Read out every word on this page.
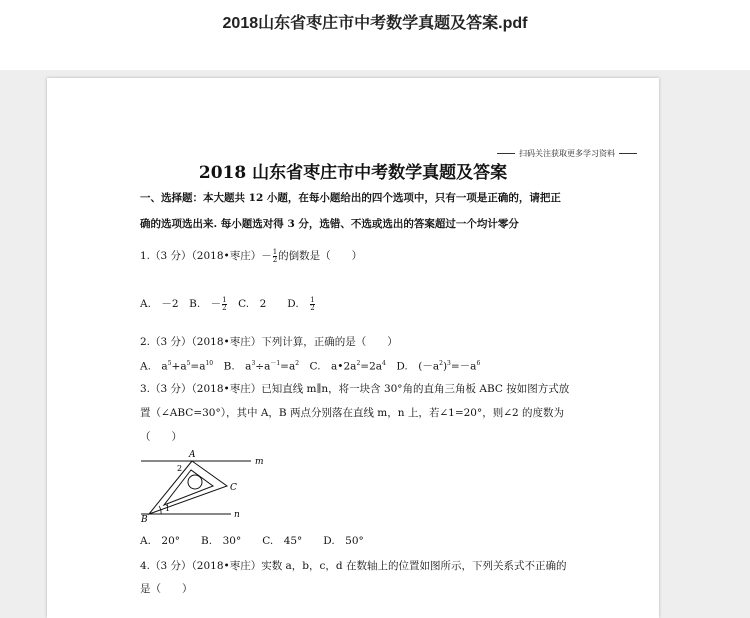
2018山东省枣庄市中考数学真题及答案.pdf
扫码关注获取更多学习资料
2018 山东省枣庄市中考数学真题及答案
一、选择题：本大题共 12 小题，在每小题给出的四个选项中，只有一项是正确的，请把正
确的选项选出来. 每小题选对得 3 分，选错、不选或选出的答案超过一个均计零分
1.（3 分）（2018•枣庄）－ $\frac{1}{2}$ 的倒数是（　　）
A.　－2　B.　－ $\frac{1}{2}$ 　C.　2　　D.　 $\frac{1}{2}$
2.（3 分）（2018•枣庄）下列计算，正确的是（　　）
A.　$a^5+a^5=a^{10}$　B.　$a^3\div a^{-1}=a^2$　C.　$a•2a^2=2a^4$　D.　$(-a^2)^3=-a^6$
3.（3 分）（2018•枣庄）已知直线 m∥n，将一块含 30°角的直角三角板 ABC 按如图方式放
置（∠ABC=30°），其中 A，B 两点分别落在直线 m，n 上，若∠1=20°，则∠2 的度数为
（　　）
A
B
C
m
n
1
2
A.　20°　　B.　30°　　C.　45°　　D.　50°
4.（3 分）（2018•枣庄）实数 a，b，c，d 在数轴上的位置如图所示，下列关系式不正确的
是（　　）
